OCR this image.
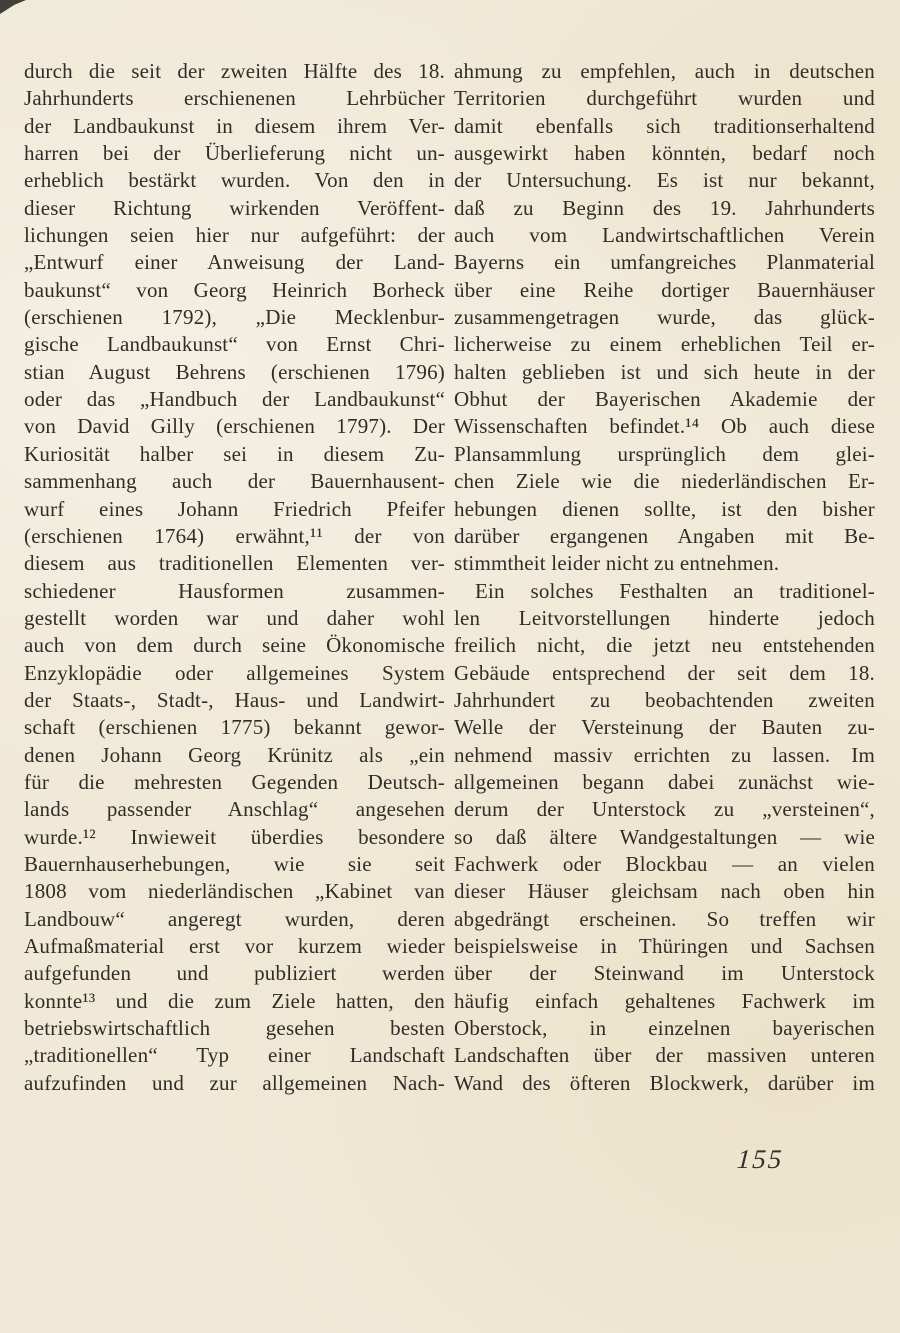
durch die seit der zweiten Hälfte des 18.
Jahrhunderts erschienenen Lehrbücher
der Landbaukunst in diesem ihrem Ver-
harren bei der Überlieferung nicht un-
erheblich bestärkt wurden. Von den in
dieser Richtung wirkenden Veröffent-
lichungen seien hier nur aufgeführt: der
„Entwurf einer Anweisung der Land-
baukunst“ von Georg Heinrich Borheck
(erschienen 1792), „Die Mecklenbur-
gische Landbaukunst“ von Ernst Chri-
stian August Behrens (erschienen 1796)
oder das „Handbuch der Landbaukunst“
von David Gilly (erschienen 1797). Der
Kuriosität halber sei in diesem Zu-
sammenhang auch der Bauernhausent-
wurf eines Johann Friedrich Pfeifer
(erschienen 1764) erwähnt,¹¹ der von
diesem aus traditionellen Elementen ver-
schiedener Hausformen zusammen-
gestellt worden war und daher wohl
auch von dem durch seine Ökonomische
Enzyklopädie oder allgemeines System
der Staats-, Stadt-, Haus- und Landwirt-
schaft (erschienen 1775) bekannt gewor-
denen Johann Georg Krünitz als „ein
für die mehresten Gegenden Deutsch-
lands passender Anschlag“ angesehen
wurde.¹² Inwieweit überdies besondere
Bauernhauserhebungen, wie sie seit
1808 vom niederländischen „Kabinet van
Landbouw“ angeregt wurden, deren
Aufmaßmaterial erst vor kurzem wieder
aufgefunden und publiziert werden
konnte¹³ und die zum Ziele hatten, den
betriebswirtschaftlich gesehen besten
„traditionellen“ Typ einer Landschaft
aufzufinden und zur allgemeinen Nach-
ahmung zu empfehlen, auch in deutschen
Territorien durchgeführt wurden und
damit ebenfalls sich traditionserhaltend
ausgewirkt haben könnten, bedarf noch
der Untersuchung. Es ist nur bekannt,
daß zu Beginn des 19. Jahrhunderts
auch vom Landwirtschaftlichen Verein
Bayerns ein umfangreiches Planmaterial
über eine Reihe dortiger Bauernhäuser
zusammengetragen wurde, das glück-
licherweise zu einem erheblichen Teil er-
halten geblieben ist und sich heute in der
Obhut der Bayerischen Akademie der
Wissenschaften befindet.¹⁴ Ob auch diese
Plansammlung ursprünglich dem glei-
chen Ziele wie die niederländischen Er-
hebungen dienen sollte, ist den bisher
darüber ergangenen Angaben mit Be-
stimmtheit leider nicht zu entnehmen.
Ein solches Festhalten an traditionel-
len Leitvorstellungen hinderte jedoch
freilich nicht, die jetzt neu entstehenden
Gebäude entsprechend der seit dem 18.
Jahrhundert zu beobachtenden zweiten
Welle der Versteinung der Bauten zu-
nehmend massiv errichten zu lassen. Im
allgemeinen begann dabei zunächst wie-
derum der Unterstock zu „versteinen“,
so daß ältere Wandgestaltungen — wie
Fachwerk oder Blockbau — an vielen
dieser Häuser gleichsam nach oben hin
abgedrängt erscheinen. So treffen wir
beispielsweise in Thüringen und Sachsen
über der Steinwand im Unterstock
häufig einfach gehaltenes Fachwerk im
Oberstock, in einzelnen bayerischen
Landschaften über der massiven unteren
Wand des öfteren Blockwerk, darüber im
155
